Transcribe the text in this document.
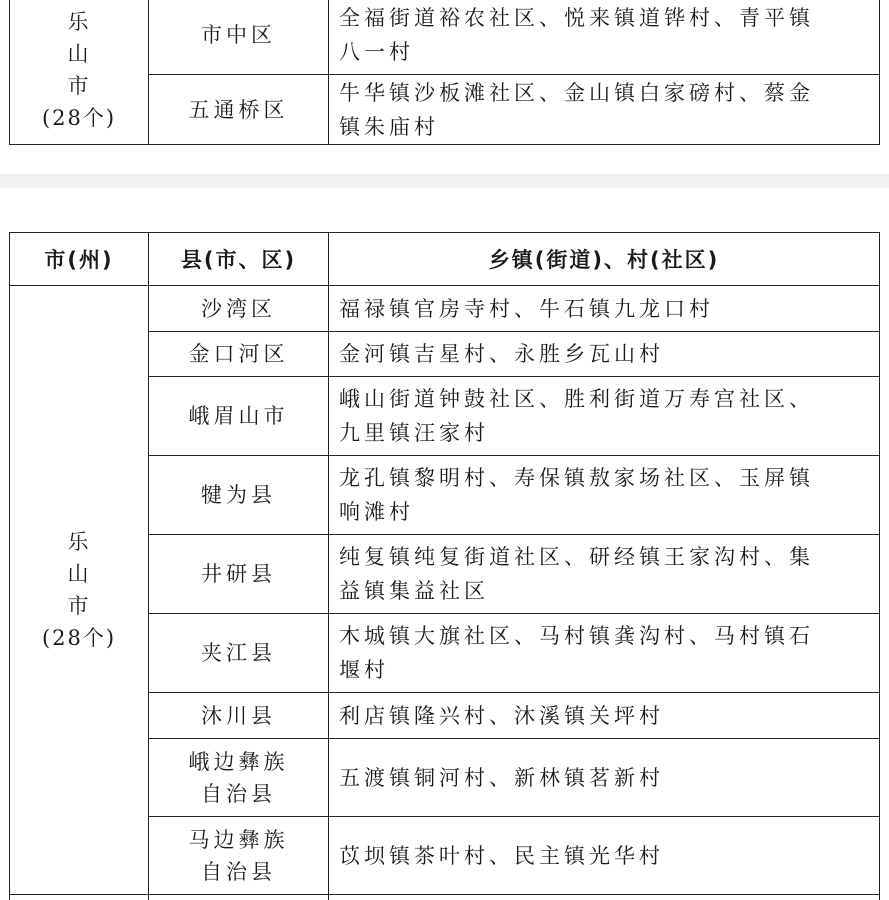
乐
山
市
(28个)	市中区	全福街道裕农社区、悦来镇道铧村、青平镇
八一村

	五通桥区	牛华镇沙板滩社区、金山镇白家磅村、蔡金
镇朱庙村
市(州)	县(市、区)	乡镇(街道)、村(社区)

乐
山
市
(28个)	沙湾区	福禄镇官房寺村、牛石镇九龙口村
	金口河区	金河镇吉星村、永胜乡瓦山村
	峨眉山市	峨山街道钟鼓社区、胜利街道万寿宫社区、
九里镇汪家村

	犍为县	龙孔镇黎明村、寿保镇敖家场社区、玉屏镇
响滩村

	井研县	纯复镇纯复街道社区、研经镇王家沟村、集
益镇集益社区

	夹江县	木城镇大旗社区、马村镇龚沟村、马村镇石
堰村

	沐川县	利店镇隆兴村、沐溪镇关坪村

	峨边彝族
自治县	五渡镇铜河村、新林镇茗新村

	马边彝族
自治县	苡坝镇茶叶村、民主镇光华村
